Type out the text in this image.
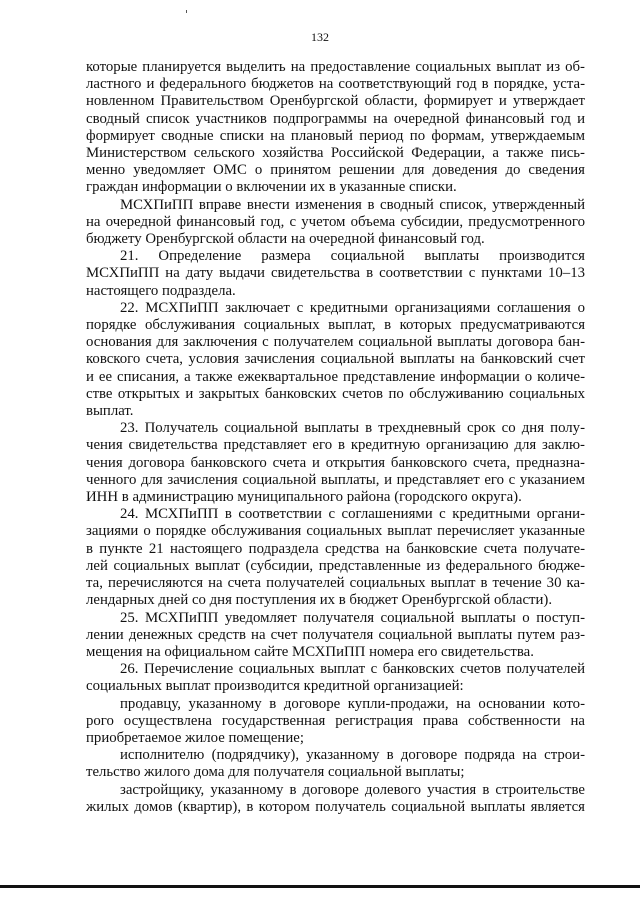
132
которые планируется выделить на предоставление социальных выплат из об-
ластного и федерального бюджетов на соответствующий год в порядке, уста-
новленном Правительством Оренбургской области, формирует и утверждает
сводный список участников подпрограммы на очередной финансовый год и
формирует сводные списки на плановый период по формам, утверждаемым
Министерством сельского хозяйства Российской Федерации, а также пись-
менно уведомляет ОМС о принятом решении для доведения до сведения
граждан информации о включении их в указанные списки.
МСХПиПП вправе внести изменения в сводный список, утвержденный
на очередной финансовый год, с учетом объема субсидии, предусмотренного
бюджету Оренбургской области на очередной финансовый год.
21. Определение размера социальной выплаты производится
МСХПиПП на дату выдачи свидетельства в соответствии с пунктами 10–13
настоящего подраздела.
22. МСХПиПП заключает с кредитными организациями соглашения о
порядке обслуживания социальных выплат, в которых предусматриваются
основания для заключения с получателем социальной выплаты договора бан-
ковского счета, условия зачисления социальной выплаты на банковский счет
и ее списания, а также ежеквартальное представление информации о количе-
стве открытых и закрытых банковских счетов по обслуживанию социальных
выплат.
23. Получатель социальной выплаты в трехдневный срок со дня полу-
чения свидетельства представляет его в кредитную организацию для заклю-
чения договора банковского счета и открытия банковского счета, предназна-
ченного для зачисления социальной выплаты, и представляет его с указанием
ИНН в администрацию муниципального района (городского округа).
24. МСХПиПП в соответствии с соглашениями с кредитными органи-
зациями о порядке обслуживания социальных выплат перечисляет указанные
в пункте 21 настоящего подраздела средства на банковские счета получате-
лей социальных выплат (субсидии, представленные из федерального бюдже-
та, перечисляются на счета получателей социальных выплат в течение 30 ка-
лендарных дней со дня поступления их в бюджет Оренбургской области).
25. МСХПиПП уведомляет получателя социальной выплаты о поступ-
лении денежных средств на счет получателя социальной выплаты путем раз-
мещения на официальном сайте МСХПиПП номера его свидетельства.
26. Перечисление социальных выплат с банковских счетов получателей
социальных выплат производится кредитной организацией:
продавцу, указанному в договоре купли-продажи, на основании кото-
рого осуществлена государственная регистрация права собственности на
приобретаемое жилое помещение;
исполнителю (подрядчику), указанному в договоре подряда на строи-
тельство жилого дома для получателя социальной выплаты;
застройщику, указанному в договоре долевого участия в строительстве
жилых домов (квартир), в котором получатель социальной выплаты является
